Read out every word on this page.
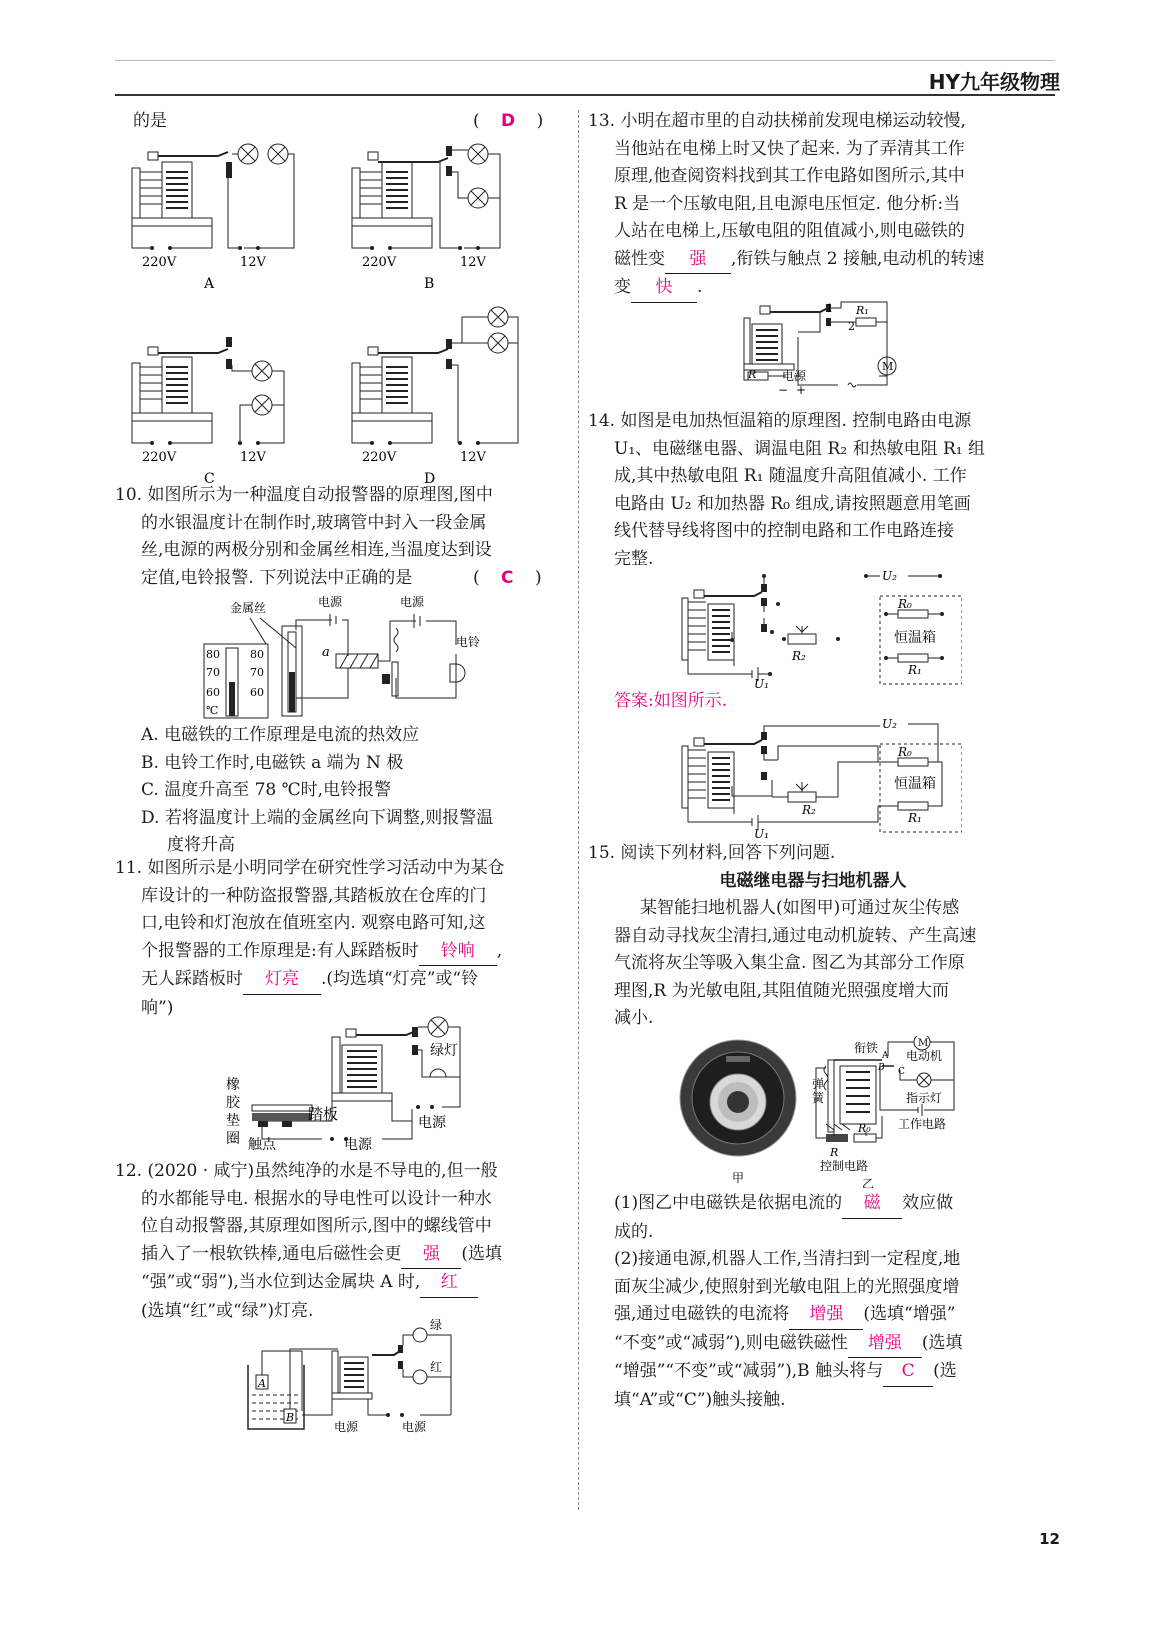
HY九年级物理
的是	( D )
220V	12V
A
220V	12V
B
220V	12V
C
220V	12V
D
10. 如图所示为一种温度自动报警器的原理图,图中
的水银温度计在制作时,玻璃管中封入一段金属
丝,电源的两极分别和金属丝相连,当温度达到设
定值,电铃报警. 下列说法中正确的是	( C )
金属丝
80
70
60
℃
80
70
60
电源	电源
a
电铃
A. 电磁铁的工作原理是电流的热效应
B. 电铃工作时,电磁铁 a 端为 N 极
C. 温度升高至 78 ℃时,电铃报警
D. 若将温度计上端的金属丝向下调整,则报警温
度将升高
11. 如图所示是小明同学在研究性学习活动中为某仓
库设计的一种防盗报警器,其踏板放在仓库的门
口,电铃和灯泡放在值班室内. 观察电路可知,这
个报警器的工作原理是:有人踩踏板时 铃响 ,
无人踩踏板时 灯亮 .(均选填“灯亮”或“铃
响”)
绿灯
踏板
橡
胶
垫
圈 触点	电源
电源
12. (2020 · 咸宁)虽然纯净的水是不导电的,但一般
的水都能导电. 根据水的导电性可以设计一种水
位自动报警器,其原理如图所示,图中的螺线管中
插入了一根软铁棒,通电后磁性会更 强 (选填
“强”或“弱”),当水位到达金属块 A 时, 红
(选填“红”或“绿”)灯亮.
A
B
绿
红
电源	电源
13. 小明在超市里的自动扶梯前发现电梯运动较慢,
当他站在电梯上时又快了起来. 为了弄清其工作
原理,他查阅资料找到其工作电路如图所示,其中
R 是一个压敏电阻,且电源电压恒定. 他分析:当
人站在电梯上,压敏电阻的阻值减小,则电磁铁的
磁性变 强 ,衔铁与触点 2 接触,电动机的转速
变 快 .
1
2
R₁
M
R 电源
− +
14. 如图是电加热恒温箱的原理图. 控制电路由电源
U₁、电磁继电器、调温电阻 R₂ 和热敏电阻 R₁ 组
成,其中热敏电阻 R₁ 随温度升高阻值减小. 工作
电路由 U₂ 和加热器 R₀ 组成,请按照题意用笔画
线代替导线将图中的控制电路和工作电路连接
完整.
U₁
R₂
U₂
R₀
恒温箱
R₁
答案:如图所示.
U₁
R₂
U₂
R₀
恒温箱
R₁
15. 阅读下列材料,回答下列问题.
电磁继电器与扫地机器人
某智能扫地机器人(如图甲)可通过灰尘传感
器自动寻找灰尘清扫,通过电动机旋转、产生高速
气流将灰尘等吸入集尘盒. 图乙为其部分工作原
理图,R 为光敏电阻,其阻值随光照强度增大而
减小.
甲
弹
簧
衔铁
A
B C
M
电动机
指示灯
工作电路
R
R₀
控制电路
乙
(1)图乙中电磁铁是依据电流的 磁 效应做
成的.
(2)接通电源,机器人工作,当清扫到一定程度,地
面灰尘减少,使照射到光敏电阻上的光照强度增
强,通过电磁铁的电流将 增强 (选填“增强”
“不变”或“减弱”),则电磁铁磁性 增强 (选填
“增强”“不变”或“减弱”),B 触头将与 C (选
填“A”或“C”)触头接触.
12
